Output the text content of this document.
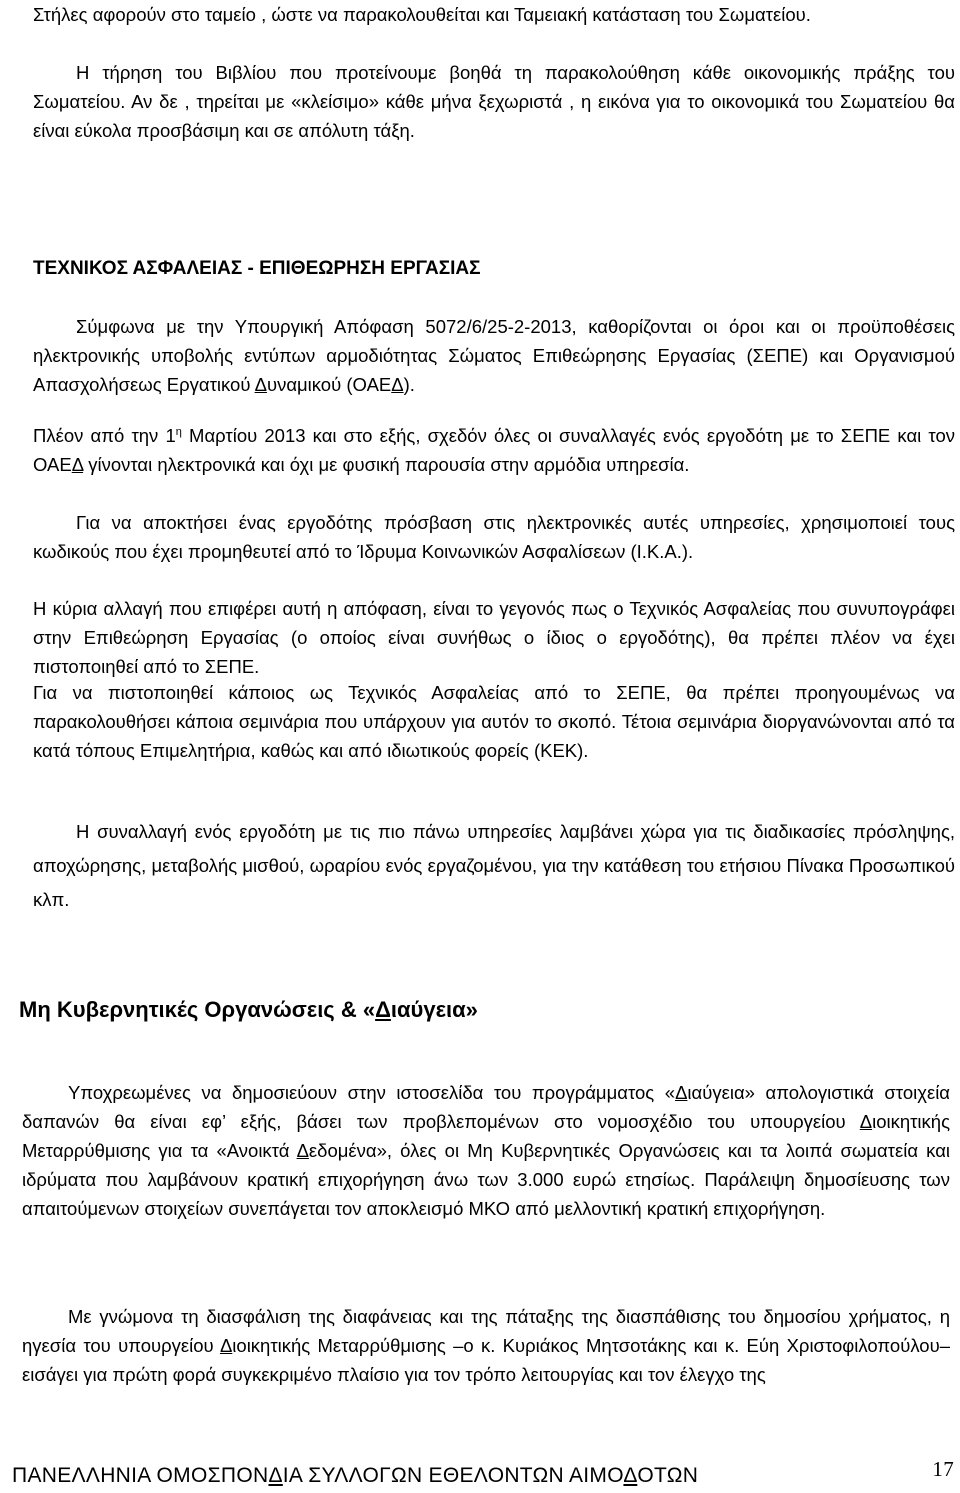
Στήλες αφορούν στο ταμείο , ώστε να παρακολουθείται και Ταμειακή κατάσταση του Σωματείου.

Η τήρηση του Βιβλίου που προτείνουμε βοηθά τη παρακολούθηση κάθε οικονομικής πράξης του Σωματείου. Αν δε , τηρείται με «κλείσιμο» κάθε μήνα ξεχωριστά , η εικόνα για το οικονομικά του Σωματείου θα είναι εύκολα προσβάσιμη και σε απόλυτη τάξη.

ΤΕΧΝΙΚΟΣ ΑΣΦΑΛΕΙΑΣ - ΕΠΙΘΕΩΡΗΣΗ ΕΡΓΑΣΙΑΣ

Σύμφωνα με την Υπουργική Απόφαση 5072/6/25-2-2013, καθορίζονται οι όροι και οι προϋποθέσεις ηλεκτρονικής υποβολής εντύπων αρμοδιότητας Σώματος Επιθεώρησης Εργασίας (ΣΕΠΕ) και Οργανισμού Απασχολήσεως Εργατικού Δυναμικού (ΟΑΕΔ).

Πλέον από την $1^\eta$ Μαρτίου 2013 και στο εξής, σχεδόν όλες οι συναλλαγές ενός εργοδότη με το ΣΕΠΕ και τον ΟΑΕΔ γίνονται ηλεκτρονικά και όχι με φυσική παρουσία στην αρμόδια υπηρεσία.

Για να αποκτήσει ένας εργοδότης πρόσβαση στις ηλεκτρονικές αυτές υπηρεσίες, χρησιμοποιεί τους κωδικούς που έχει προμηθευτεί από το Ίδρυμα Κοινωνικών Ασφαλίσεων (Ι.Κ.Α.).

Η κύρια αλλαγή που επιφέρει αυτή η απόφαση, είναι το γεγονός πως ο Τεχνικός Ασφαλείας που συνυπογράφει στην Επιθεώρηση Εργασίας (ο οποίος είναι συνήθως ο ίδιος ο εργοδότης), θα πρέπει πλέον να έχει πιστοποιηθεί από το ΣΕΠΕ.

Για να πιστοποιηθεί κάποιος ως Τεχνικός Ασφαλείας από το ΣΕΠΕ, θα πρέπει προηγουμένως να παρακολουθήσει κάποια σεμινάρια που υπάρχουν για αυτόν το σκοπό. Τέτοια σεμινάρια διοργανώνονται από τα κατά τόπους Επιμελητήρια, καθώς και από ιδιωτικούς φορείς (ΚΕΚ).

Η συναλλαγή ενός εργοδότη με τις πιο πάνω υπηρεσίες λαμβάνει χώρα για τις διαδικασίες πρόσληψης, αποχώρησης, μεταβολής μισθού, ωραρίου ενός εργαζομένου, για την κατάθεση του ετήσιου Πίνακα Προσωπικού κλπ.

Μη Κυβερνητικές Οργανώσεις & «Διαύγεια»

Υποχρεωμένες να δημοσιεύουν στην ιστοσελίδα του προγράμματος «Διαύγεια» απολογιστικά στοιχεία δαπανών θα είναι εφ’ εξής, βάσει των προβλεπομένων στο νομοσχέδιο του υπουργείου Διοικητικής Μεταρρύθμισης για τα «Ανοικτά Δεδομένα», όλες οι Μη Κυβερνητικές Οργανώσεις και τα λοιπά σωματεία και ιδρύματα που λαμβάνουν κρατική επιχορήγηση άνω των 3.000 ευρώ ετησίως. Παράλειψη δημοσίευσης των απαιτούμενων στοιχείων συνεπάγεται τον αποκλεισμό ΜΚΟ από μελλοντική κρατική επιχορήγηση.

Με γνώμονα τη διασφάλιση της διαφάνειας και της πάταξης της διασπάθισης του δημοσίου χρήματος, η ηγεσία του υπουργείου Διοικητικής Μεταρρύθμισης –ο κ. Κυριάκος Μητσοτάκης και κ. Εύη Χριστοφιλοπούλου– εισάγει για πρώτη φορά συγκεκριμένο πλαίσιο για τον τρόπο λειτουργίας και τον έλεγχο της

ΠΑΝΕΛΛΗΝΙΑ ΟΜΟΣΠΟΝΔΙΑ ΣΥΛΛΟΓΩΝ ΕΘΕΛΟΝΤΩΝ ΑΙΜΟΔΟΤΩΝ	17
